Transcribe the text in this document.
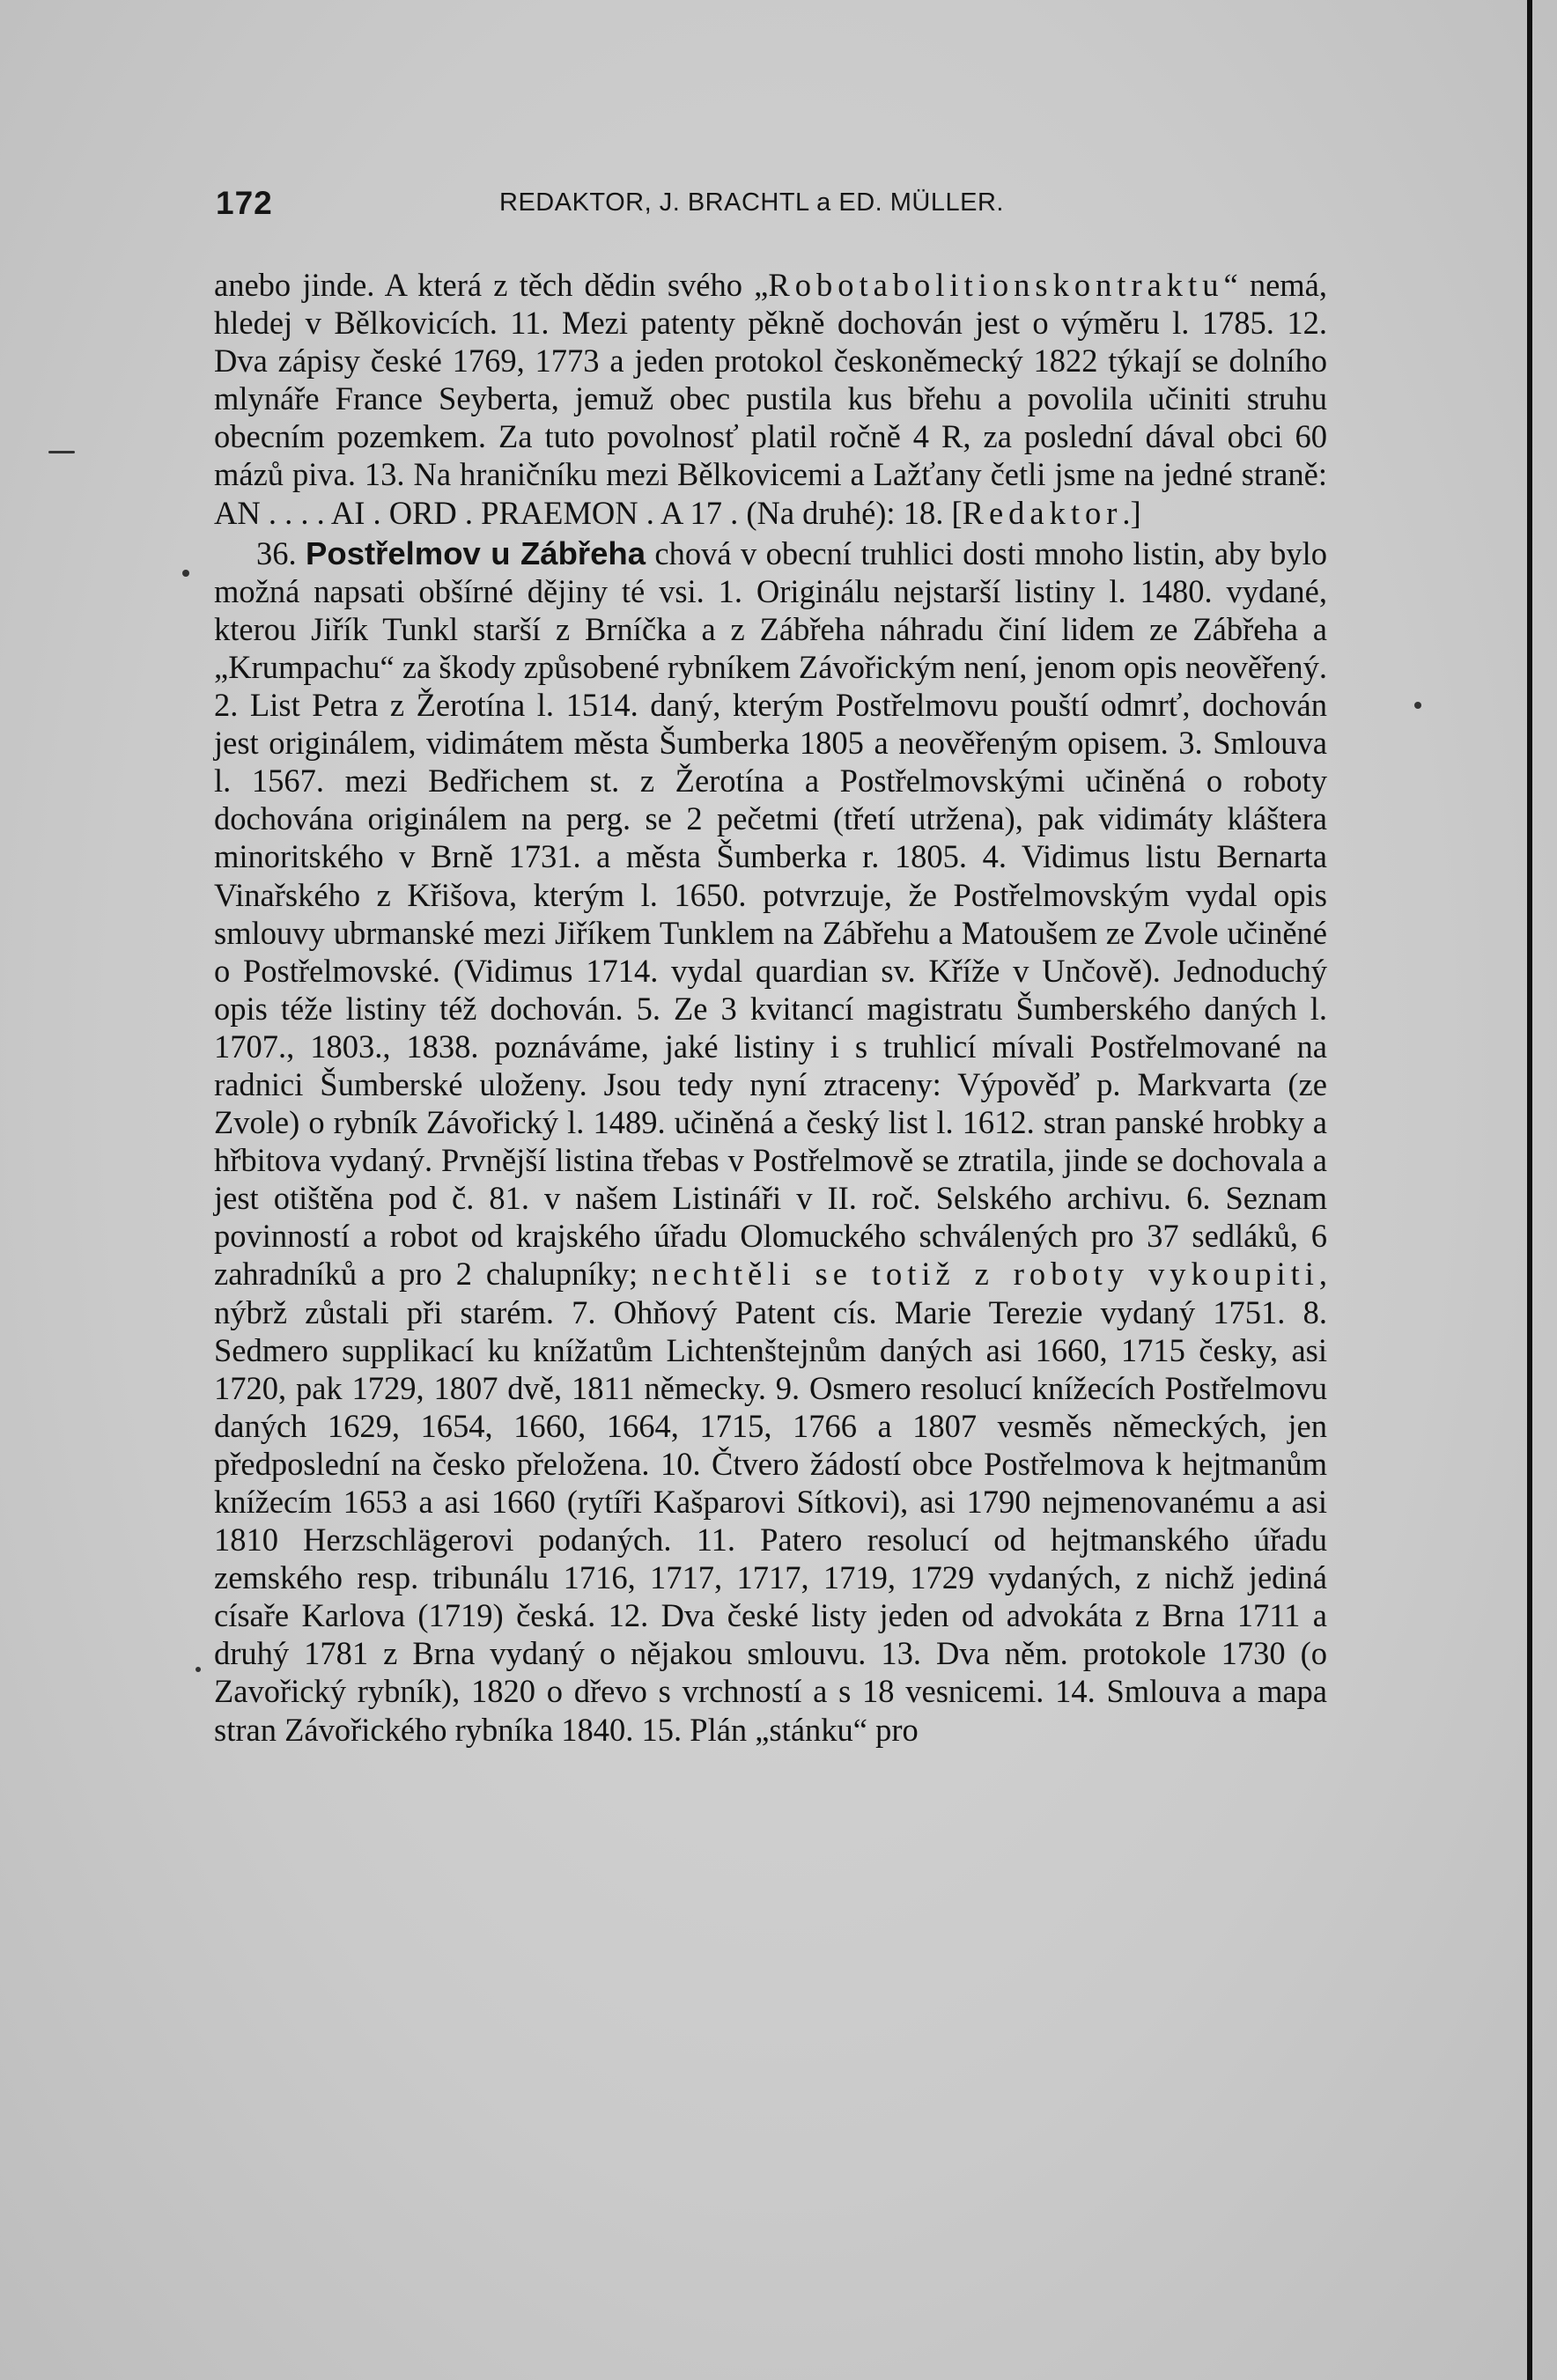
172	REDAKTOR, J. BRACHTL a ED. MÜLLER.

anebo jinde. A která z těch dědin svého „Robotabolitionskontraktu“ nemá, hledej v Bělkovicích. 11. Mezi patenty pěkně dochován jest o výměru l. 1785. 12. Dva zápisy české 1769, 1773 a jeden protokol českoněmecký 1822 týkají se dolního mlynáře France Seyberta, jemuž obec pustila kus břehu a povolila učiniti struhu obecním pozemkem. Za tuto povolnosť platil ročně 4 R, za poslední dával obci 60 mázů piva. 13. Na hraničníku mezi Bělkovicemi a Lažťany četli jsme na jedné straně: AN . . . . AI . ORD . PRAEMON . A 17 . (Na druhé): 18. [Redaktor.]

36. Postřelmov u Zábřeha chová v obecní truhlici dosti mnoho listin, aby bylo možná napsati obšírné dějiny té vsi. 1. Originálu nejstarší listiny l. 1480. vydané, kterou Jiřík Tunkl starší z Brníčka a z Zábřeha náhradu činí lidem ze Zábřeha a „Krumpachu“ za škody způsobené rybníkem Závořickým není, jenom opis neověřený. 2. List Petra z Žerotína l. 1514. daný, kterým Postřelmovu pouští odmrť, dochován jest originálem, vidimátem města Šumberka 1805 a neověřeným opisem. 3. Smlouva l. 1567. mezi Bedřichem st. z Žerotína a Postřelmovskými učiněná o roboty dochována originálem na perg. se 2 pečetmi (třetí utržena), pak vidimáty kláštera minoritského v Brně 1731. a města Šumberka r. 1805. 4. Vidimus listu Bernarta Vinařského z Křišova, kterým l. 1650. potvrzuje, že Postřelmovským vydal opis smlouvy ubrmanské mezi Jiříkem Tunklem na Zábřehu a Matoušem ze Zvole učiněné o Postřelmovské. (Vidimus 1714. vydal quardian sv. Kříže v Unčově). Jednoduchý opis téže listiny též dochován. 5. Ze 3 kvitancí magistratu Šumberského daných l. 1707., 1803., 1838. poznáváme, jaké listiny i s truhlicí mívali Postřelmované na radnici Šumberské uloženy. Jsou tedy nyní ztraceny: Výpověď p. Markvarta (ze Zvole) o rybník Závořický l. 1489. učiněná a český list l. 1612. stran panské hrobky a hřbitova vydaný. Prvnější listina třebas v Postřelmově se ztratila, jinde se dochovala a jest otištěna pod č. 81. v našem Listináři v II. roč. Selského archivu. 6. Seznam povinností a robot od krajského úřadu Olomuckého schválených pro 37 sedláků, 6 zahradníků a pro 2 chalupníky; nechtěli se totiž z roboty vykoupiti, nýbrž zůstali při starém. 7. Ohňový Patent cís. Marie Terezie vydaný 1751. 8. Sedmero supplikací ku knížatům Lichtenštejnům daných asi 1660, 1715 česky, asi 1720, pak 1729, 1807 dvě, 1811 německy. 9. Osmero resolucí knížecích Postřelmovu daných 1629, 1654, 1660, 1664, 1715, 1766 a 1807 vesměs německých, jen předposlední na česko přeložena. 10. Čtvero žádostí obce Postřelmova k hejtmanům knížecím 1653 a asi 1660 (rytíři Kašparovi Sítkovi), asi 1790 nejmenovanému a asi 1810 Herzschlägerovi podaných. 11. Patero resolucí od hejtmanského úřadu zemského resp. tribunálu 1716, 1717, 1717, 1719, 1729 vydaných, z nichž jediná císaře Karlova (1719) česká. 12. Dva české listy jeden od advokáta z Brna 1711 a druhý 1781 z Brna vydaný o nějakou smlouvu. 13. Dva něm. protokole 1730 (o Zavořický rybník), 1820 o dřevo s vrchností a s 18 vesnicemi. 14. Smlouva a mapa stran Závořického rybníka 1840. 15. Plán „stánku“ pro
